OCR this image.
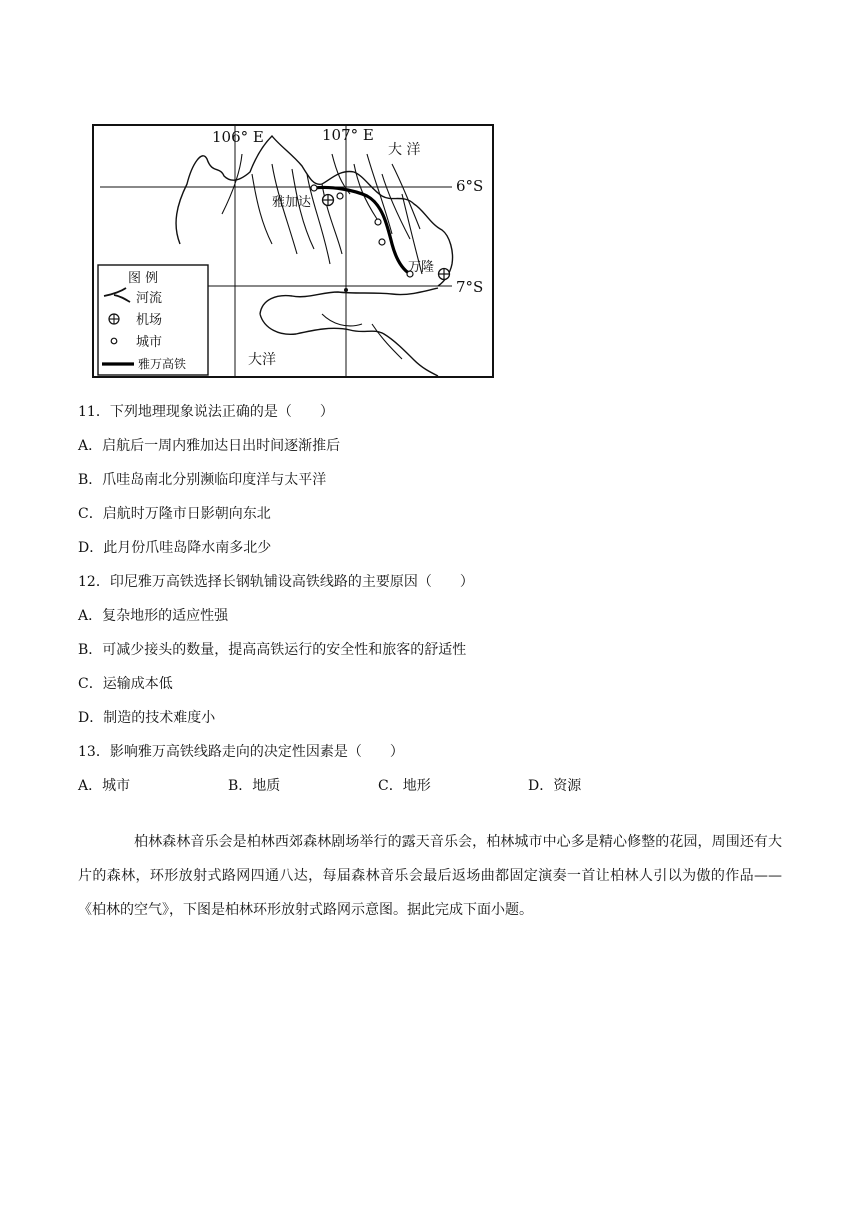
106° E	107° E
6°S
7°S
大 洋
大洋
雅加达
万隆
图 例
河流
机场
城市
雅万高铁

11．下列地理现象说法正确的是（　　）

A．启航后一周内雅加达日出时间逐渐推后

B．爪哇岛南北分别濒临印度洋与太平洋

C．启航时万隆市日影朝向东北

D．此月份爪哇岛降水南多北少

12．印尼雅万高铁选择长钢轨铺设高铁线路的主要原因（　　）

A．复杂地形的适应性强

B．可减少接头的数量，提高高铁运行的安全性和旅客的舒适性

C．运输成本低

D．制造的技术难度小

13．影响雅万高铁线路走向的决定性因素是（　　）

A．城市	B．地质	C．地形	D．资源

柏林森林音乐会是柏林西郊森林剧场举行的露天音乐会，柏林城市中心多是精心修整的花园，周围还有大片的森林，环形放射式路网四通八达，每届森林音乐会最后返场曲都固定演奏一首让柏林人引以为傲的作品——《柏林的空气》，下图是柏林环形放射式路网示意图。据此完成下面小题。
